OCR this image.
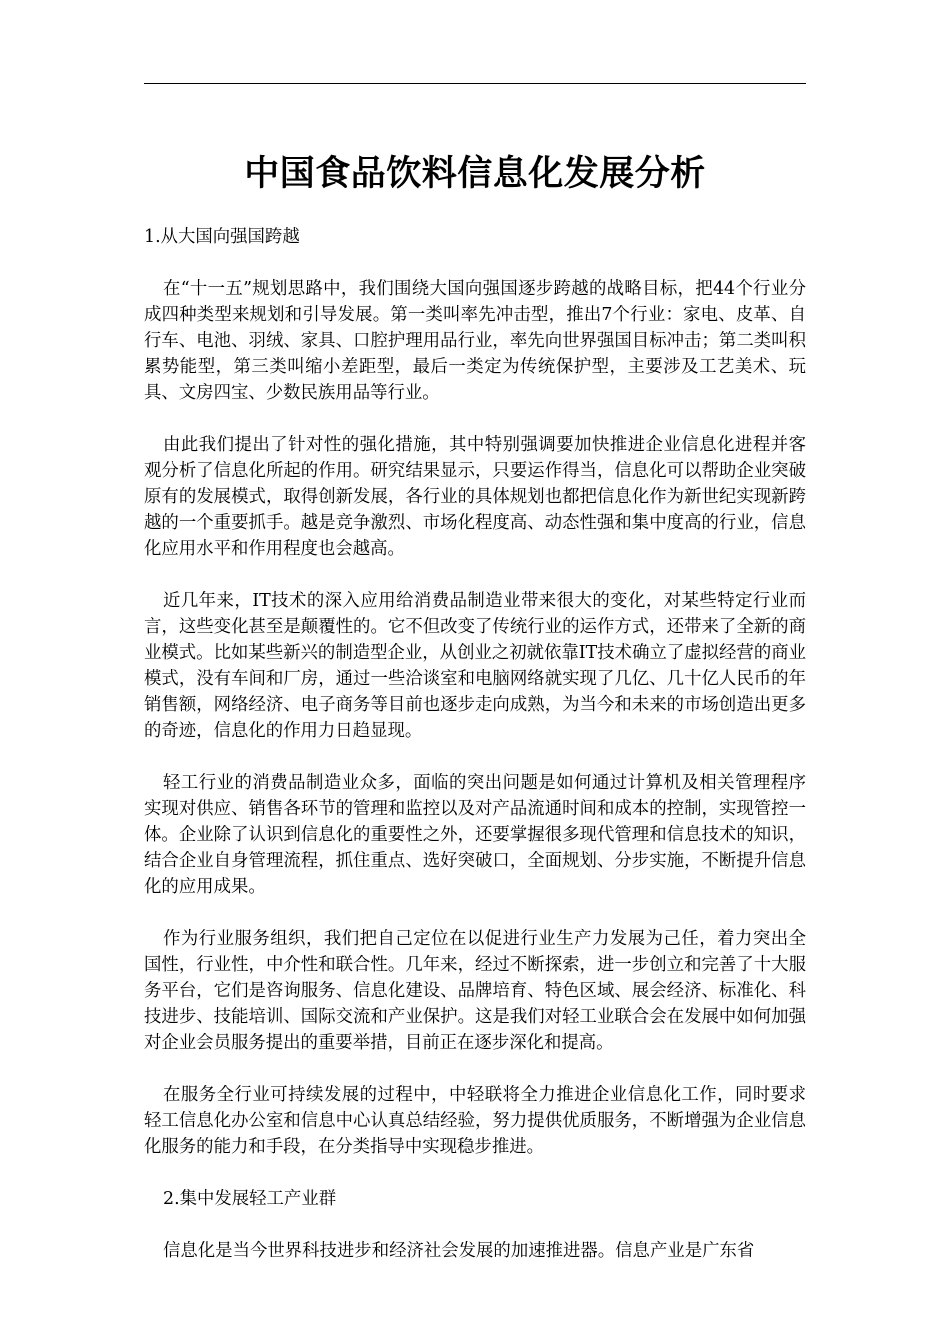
中国食品饮料信息化发展分析

1.从大国向强国跨越

在“十一五”规划思路中，我们围绕大国向强国逐步跨越的战略目标，把44个行业分成四种类型来规划和引导发展。第一类叫率先冲击型，推出7个行业：家电、皮革、自行车、电池、羽绒、家具、口腔护理用品行业，率先向世界强国目标冲击；第二类叫积累势能型，第三类叫缩小差距型，最后一类定为传统保护型，主要涉及工艺美术、玩具、文房四宝、少数民族用品等行业。

由此我们提出了针对性的强化措施，其中特别强调要加快推进企业信息化进程并客观分析了信息化所起的作用。研究结果显示，只要运作得当，信息化可以帮助企业突破原有的发展模式，取得创新发展，各行业的具体规划也都把信息化作为新世纪实现新跨越的一个重要抓手。越是竞争激烈、市场化程度高、动态性强和集中度高的行业，信息化应用水平和作用程度也会越高。

近几年来，IT技术的深入应用给消费品制造业带来很大的变化，对某些特定行业而言，这些变化甚至是颠覆性的。它不但改变了传统行业的运作方式，还带来了全新的商业模式。比如某些新兴的制造型企业，从创业之初就依靠IT技术确立了虚拟经营的商业模式，没有车间和厂房，通过一些洽谈室和电脑网络就实现了几亿、几十亿人民币的年销售额，网络经济、电子商务等目前也逐步走向成熟，为当今和未来的市场创造出更多的奇迹，信息化的作用力日趋显现。

轻工行业的消费品制造业众多，面临的突出问题是如何通过计算机及相关管理程序实现对供应、销售各环节的管理和监控以及对产品流通时间和成本的控制，实现管控一体。企业除了认识到信息化的重要性之外，还要掌握很多现代管理和信息技术的知识，结合企业自身管理流程，抓住重点、选好突破口，全面规划、分步实施，不断提升信息化的应用成果。

作为行业服务组织，我们把自己定位在以促进行业生产力发展为己任，着力突出全国性，行业性，中介性和联合性。几年来，经过不断探索，进一步创立和完善了十大服务平台，它们是咨询服务、信息化建设、品牌培育、特色区域、展会经济、标准化、科技进步、技能培训、国际交流和产业保护。这是我们对轻工业联合会在发展中如何加强对企业会员服务提出的重要举措，目前正在逐步深化和提高。

在服务全行业可持续发展的过程中，中轻联将全力推进企业信息化工作，同时要求轻工信息化办公室和信息中心认真总结经验，努力提供优质服务，不断增强为企业信息化服务的能力和手段，在分类指导中实现稳步推进。

2.集中发展轻工产业群

信息化是当今世界科技进步和经济社会发展的加速推进器。信息产业是广东省
